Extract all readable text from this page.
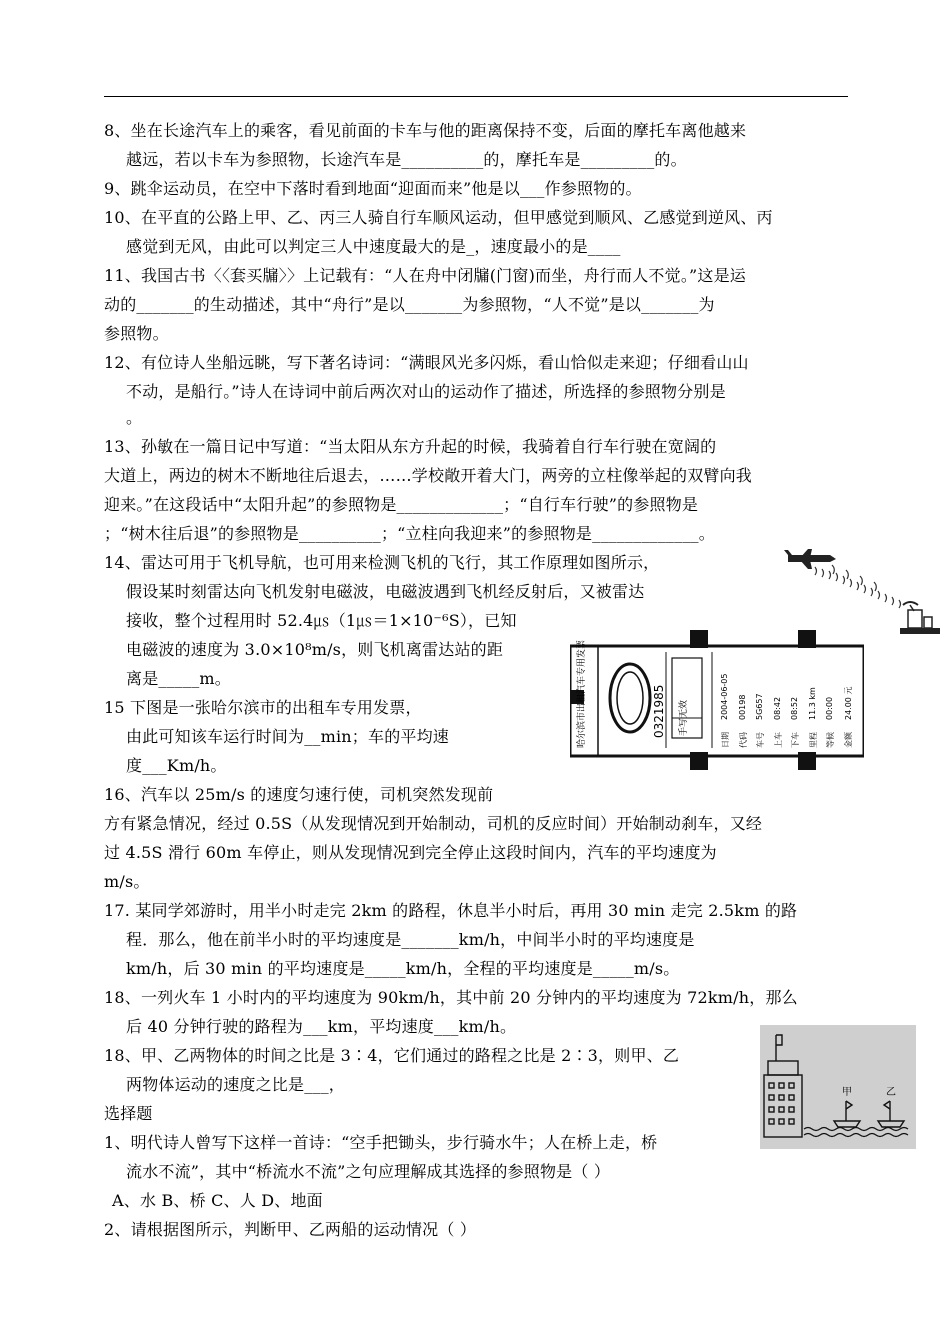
8、坐在长途汽车上的乘客，看见前面的卡车与他的距离保持不变，后面的摩托车离他越来
越远，若以卡车为参照物，长途汽车是__________的，摩托车是_________的。
9、跳伞运动员，在空中下落时看到地面“迎面而来”他是以___作参照物的。
10、在平直的公路上甲、乙、丙三人骑自行车顺风运动，但甲感觉到顺风、乙感觉到逆风、丙
感觉到无风，由此可以判定三人中速度最大的是_，速度最小的是____
11、我国古书〈〈套买牖〉〉上记载有：“人在舟中闭牖(门窗)而坐，舟行而人不觉。”这是运
动的_______的生动描述，其中“舟行”是以_______为参照物，“人不觉”是以_______为
参照物。
12、有位诗人坐船远眺，写下著名诗词：“满眼风光多闪烁，看山恰似走来迎；仔细看山山
不动，是船行。”诗人在诗词中前后两次对山的运动作了描述，所选择的参照物分别是
。
13、孙敏在一篇日记中写道：“当太阳从东方升起的时候，我骑着自行车行驶在宽阔的
大道上，两边的树木不断地往后退去，……学校敞开着大门，两旁的立柱像举起的双臂向我
迎来。”在这段话中“太阳升起”的参照物是_____________；“自行车行驶”的参照物是
；“树木往后退”的参照物是__________；“立柱向我迎来”的参照物是_____________。
14、雷达可用于飞机导航，也可用来检测飞机的飞行，其工作原理如图所示，
假设某时刻雷达向飞机发射电磁波，电磁波遇到飞机经反射后，又被雷达
接收，整个过程用时 52.4㎲（1㎲＝1×10⁻⁶S），已知
电磁波的速度为 3.0×10⁸m/s，则飞机离雷达站的距
离是_____m。
15 下图是一张哈尔滨市的出租车专用发票，
由此可知该车运行时间为__min；车的平均速
度___Km/h。
16、汽车以 25m/s 的速度匀速行使，司机突然发现前
方有紧急情况，经过 0.5S（从发现情况到开始制动，司机的反应时间）开始制动刹车，又经
过 4.5S 滑行 60m 车停止，则从发现情况到完全停止这段时间内，汽车的平均速度为
m/s。
17. 某同学郊游时，用半小时走完 2km 的路程，休息半小时后，再用 30 min 走完 2.5km 的路
程．那么，他在前半小时的平均速度是_______km/h，中间半小时的平均速度是
km/h，后 30 min 的平均速度是_____km/h，全程的平均速度是_____m/s。
18、一列火车 1 小时内的平均速度为 90km/h，其中前 20 分钟内的平均速度为 72km/h，那么
后 40 分钟行驶的路程为___km，平均速度___km/h。
18、甲、乙两物体的时间之比是 3∶4，它们通过的路程之比是 2∶3，则甲、乙
两物体运动的速度之比是___，
选择题
1、明代诗人曾写下这样一首诗：“空手把锄头，步行骑水牛；人在桥上走，桥
流水不流”，其中“桥流水不流”之句应理解成其选择的参照物是（ ）
A、水 B、桥 C、人 D、地面
2、请根据图所示，判断甲、乙两船的运动情况（ ）
哈尔滨市出租汽车专用发票	0321985	手写无效
日期
2004-06-05
代码
00198
车号
5G657
上车
08:42
下车
08:52
里程
11.3 km
等候
00:00
金额
24.00 元
甲	乙
